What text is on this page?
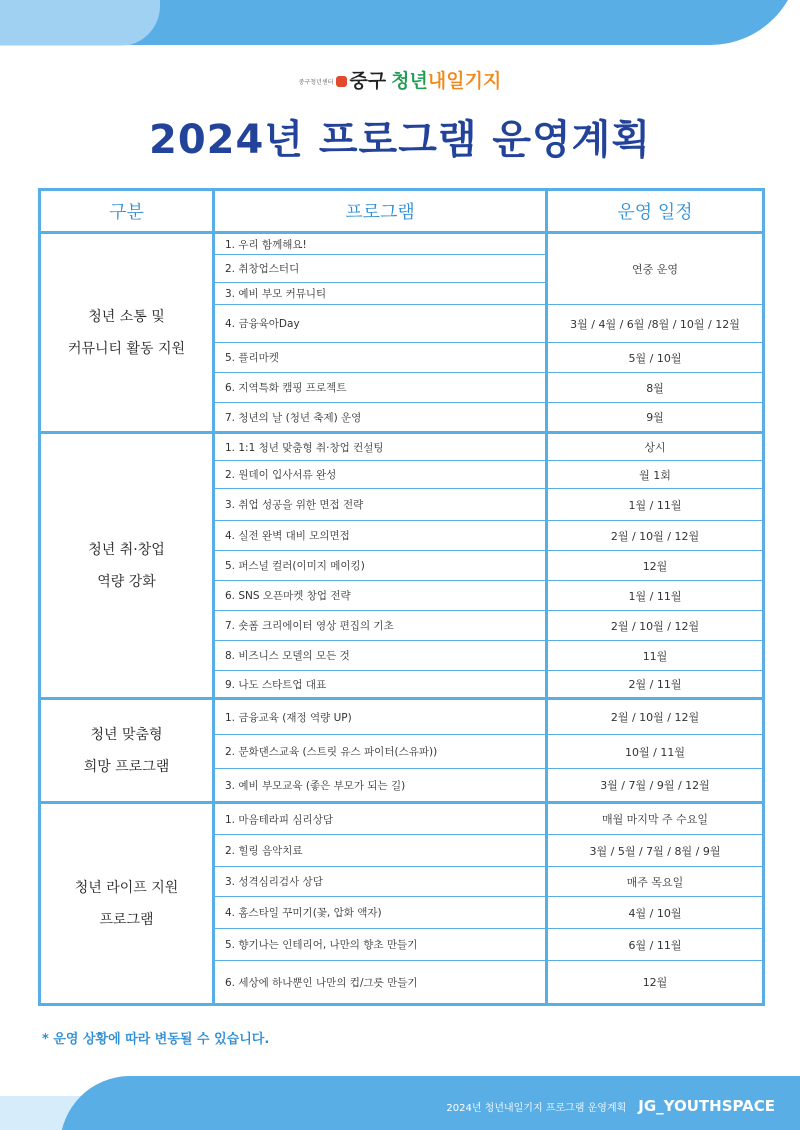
중구청년센터 중구 청년내일기지
2024년 프로그램 운영계획
구분	프로그램	운영 일정

청년 소통 및
커뮤니티 활동 지원	1. 우리 함께해요!	연중 운영
	2. 취창업스터디	
	3. 예비 부모 커뮤니티	
	4. 금융육아Day	3월 / 4월 / 6월 /8월 / 10월 / 12월
	5. 플리마켓	5월 / 10월
	6. 지역특화 캠핑 프로젝트	8월
	7. 청년의 날 (청년 축제) 운영	9월

청년 취·창업
역량 강화	1. 1:1 청년 맞춤형 취·창업 컨설팅	상시
	2. 원데이 입사서류 완성	월 1회
	3. 취업 성공을 위한 면접 전략	1월 / 11월
	4. 실전 완벽 대비 모의면접	2월 / 10월 / 12월
	5. 퍼스널 컬러(이미지 메이킹)	12월
	6. SNS 오픈마켓 창업 전략	1월 / 11월
	7. 숏폼 크리에이터 영상 편집의 기초	2월 / 10월 / 12월
	8. 비즈니스 모델의 모든 것	11월
	9. 나도 스타트업 대표	2월 / 11월

청년 맞춤형
희망 프로그램	1. 금융교육 (재정 역량 UP)	2월 / 10월 / 12월
	2. 문화댄스교육 (스트릿 유스 파이터(스유파))	10월 / 11월
	3. 예비 부모교육 (좋은 부모가 되는 길)	3월 / 7월 / 9월 / 12월

청년 라이프 지원
프로그램	1. 마음테라피 심리상담	매월 마지막 주 수요일
	2. 힐링 음악치료	3월 / 5월 / 7월 / 8월 / 9월
	3. 성격심리검사 상담	매주 목요일
	4. 홈스타일 꾸미기(꽃, 압화 액자)	4월 / 10월
	5. 향기나는 인테리어, 나만의 향초 만들기	6월 / 11월
	6. 세상에 하나뿐인 나만의 컵/그릇 만들기	12월
* 운영 상황에 따라 변동될 수 있습니다.
2024년 청년내일기지 프로그램 운영계획 JG_YOUTHSPACE
